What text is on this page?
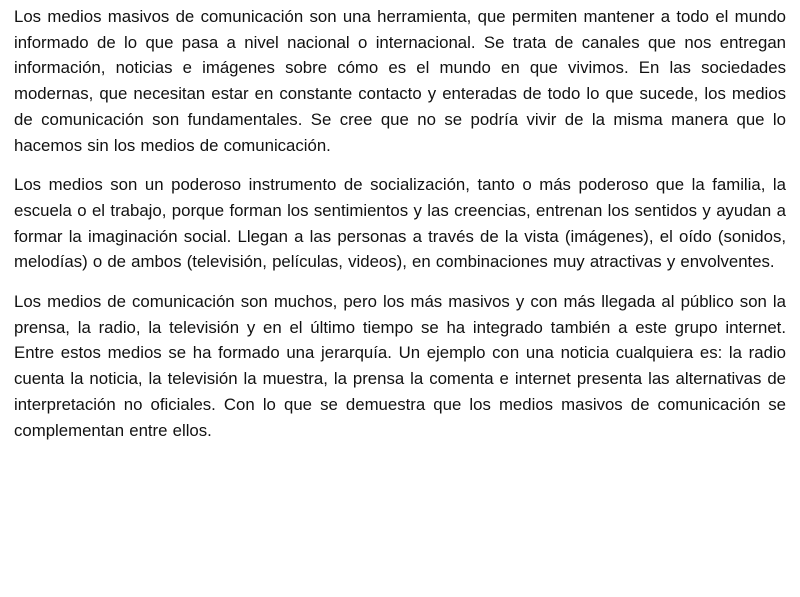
Los medios masivos de comunicación son una herramienta, que permiten mantener a todo el mundo informado de lo que pasa a nivel nacional o internacional. Se trata de canales que nos entregan información, noticias e imágenes sobre cómo es el mundo en que vivimos. En las sociedades modernas, que necesitan estar en constante contacto y enteradas de todo lo que sucede, los medios de comunicación son fundamentales. Se cree que no se podría vivir de la misma manera que lo hacemos sin los medios de comunicación.

Los medios son un poderoso instrumento de socialización, tanto o más poderoso que la familia, la escuela o el trabajo, porque forman los sentimientos y las creencias, entrenan los sentidos y ayudan a formar la imaginación social. Llegan a las personas a través de la vista (imágenes), el oído (sonidos, melodías) o de ambos (televisión, películas, videos), en combinaciones muy atractivas y envolventes.

Los medios de comunicación son muchos, pero los más masivos y con más llegada al público son la prensa, la radio, la televisión y en el último tiempo se ha integrado también a este grupo internet. Entre estos medios se ha formado una jerarquía. Un ejemplo con una noticia cualquiera es: la radio cuenta la noticia, la televisión la muestra, la prensa la comenta e internet presenta las alternativas de interpretación no oficiales. Con lo que se demuestra que los medios masivos de comunicación se complementan entre ellos.
